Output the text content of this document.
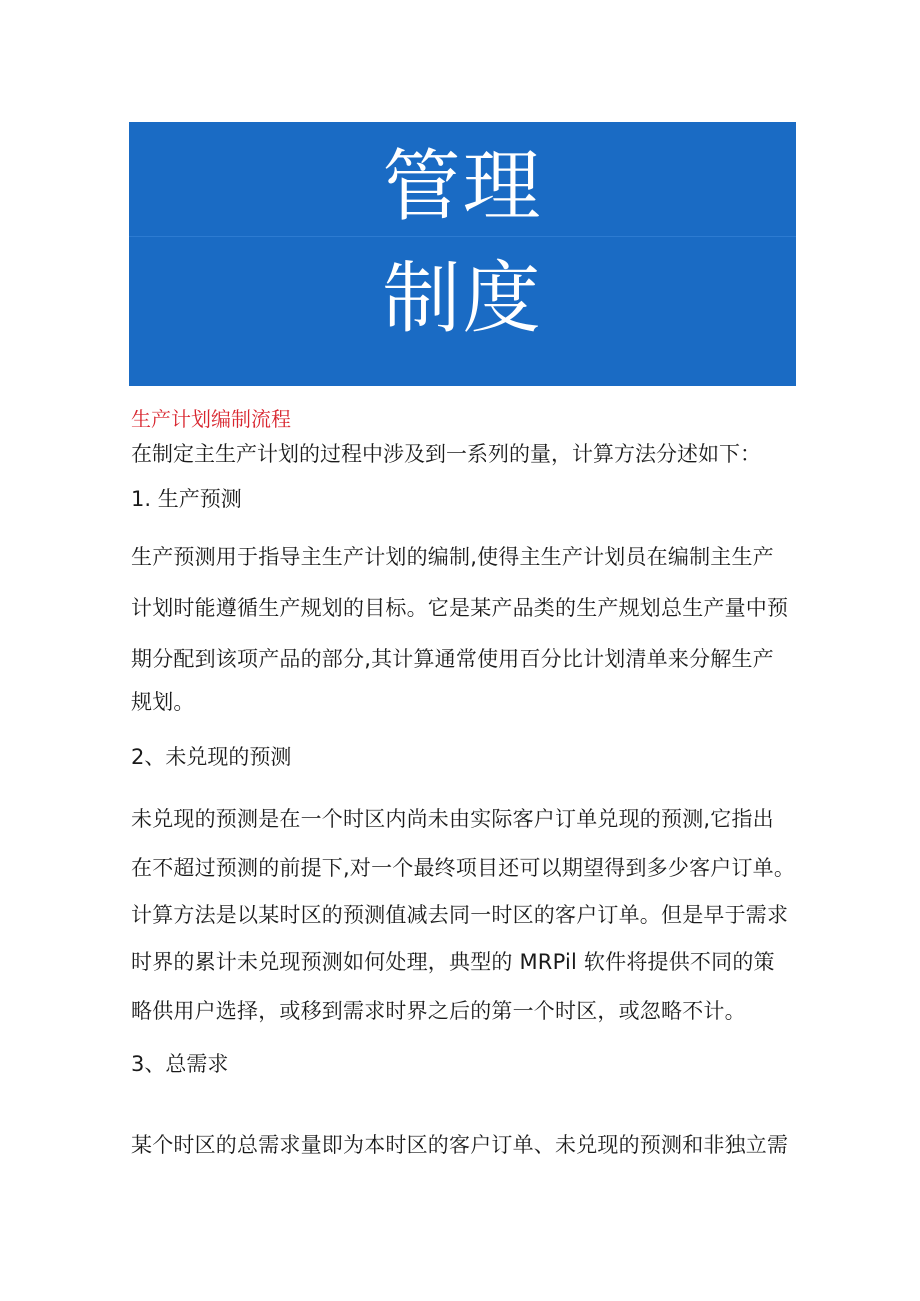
管理
制度
生产计划编制流程
在制定主生产计划的过程中涉及到一系列的量，计算方法分述如下：
1. 生产预测
生产预测用于指导主生产计划的编制,使得主生产计划员在编制主生产
计划时能遵循生产规划的目标。它是某产品类的生产规划总生产量中预
期分配到该项产品的部分,其计算通常使用百分比计划清单来分解生产
规划。
2、未兑现的预测
未兑现的预测是在一个时区内尚未由实际客户订单兑现的预测,它指出
在不超过预测的前提下,对一个最终项目还可以期望得到多少客户订单。
计算方法是以某时区的预测值减去同一时区的客户订单。但是早于需求
时界的累计未兑现预测如何处理，典型的 MRPil 软件将提供不同的策
略供用户选择，或移到需求时界之后的第一个时区，或忽略不计。
3、总需求
某个时区的总需求量即为本时区的客户订单、未兑现的预测和非独立需
